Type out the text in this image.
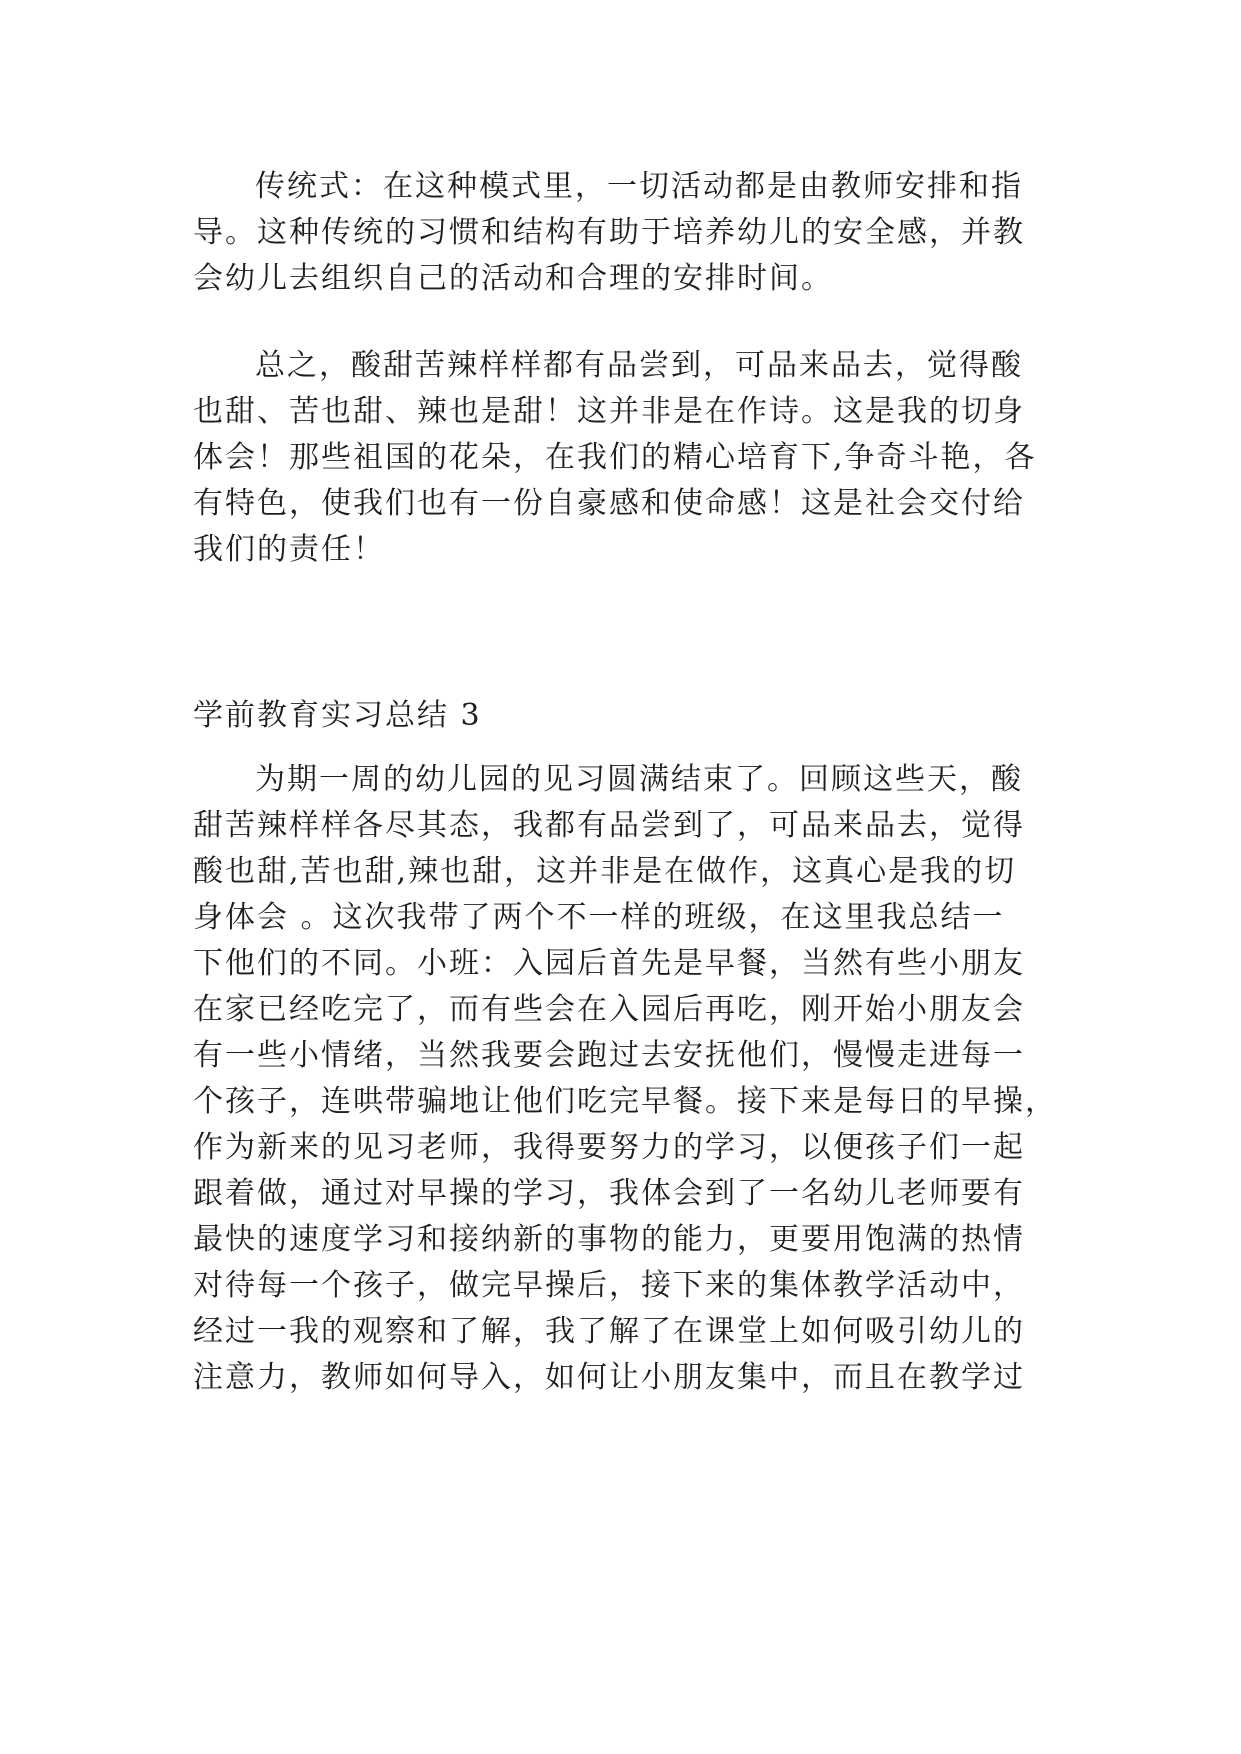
传统式：在这种模式里，一切活动都是由教师安排和指
导。这种传统的习惯和结构有助于培养幼儿的安全感，并教
会幼儿去组织自己的活动和合理的安排时间。
总之，酸甜苦辣样样都有品尝到，可品来品去，觉得酸
也甜、苦也甜、辣也是甜！这并非是在作诗。这是我的切身
体会！那些祖国的花朵，在我们的精心培育下,争奇斗艳，各
有特色，使我们也有一份自豪感和使命感！这是社会交付给
我们的责任！
学前教育实习总结 3
为期一周的幼儿园的见习圆满结束了。回顾这些天，酸
甜苦辣样样各尽其态，我都有品尝到了，可品来品去，觉得
酸也甜,苦也甜,辣也甜，这并非是在做作，这真心是我的切
身体会 。这次我带了两个不一样的班级，在这里我总结一
下他们的不同。小班：入园后首先是早餐，当然有些小朋友
在家已经吃完了，而有些会在入园后再吃，刚开始小朋友会
有一些小情绪，当然我要会跑过去安抚他们，慢慢走进每一
个孩子，连哄带骗地让他们吃完早餐。接下来是每日的早操，
作为新来的见习老师，我得要努力的学习，以便孩子们一起
跟着做，通过对早操的学习，我体会到了一名幼儿老师要有
最快的速度学习和接纳新的事物的能力，更要用饱满的热情
对待每一个孩子，做完早操后，接下来的集体教学活动中，
经过一我的观察和了解，我了解了在课堂上如何吸引幼儿的
注意力，教师如何导入，如何让小朋友集中，而且在教学过
